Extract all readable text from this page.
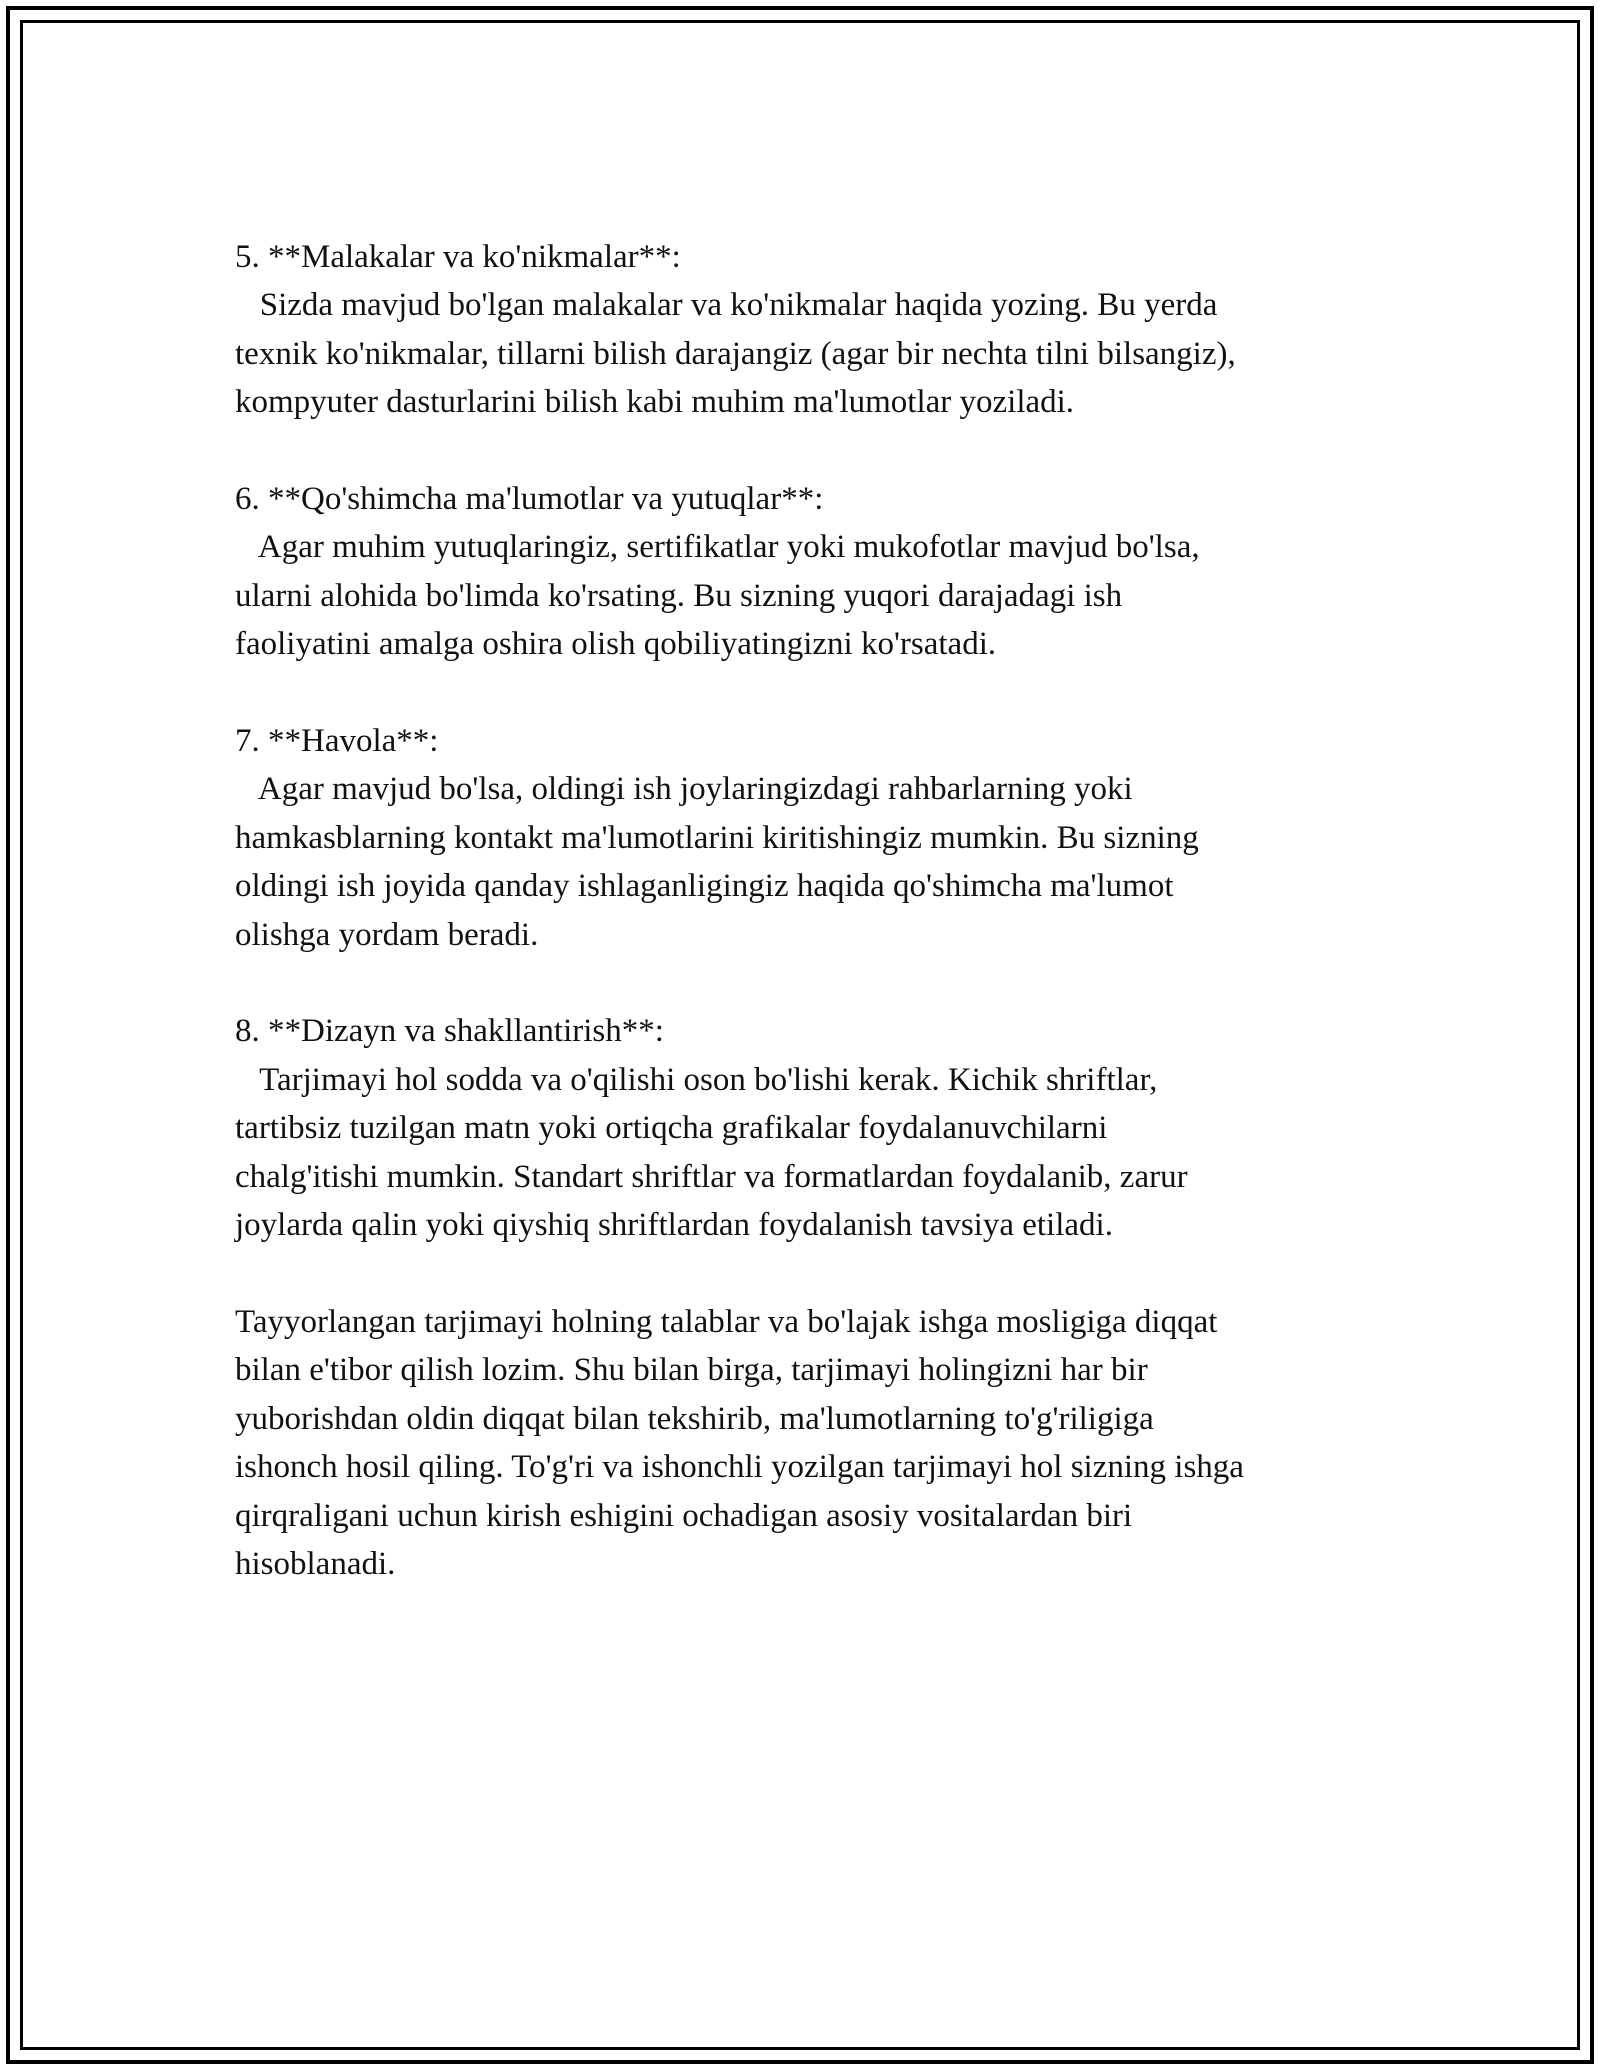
5. **Malakalar va ko'nikmalar**:
Sizda mavjud bo'lgan malakalar va ko'nikmalar haqida yozing. Bu yerda
texnik ko'nikmalar, tillarni bilish darajangiz (agar bir nechta tilni bilsangiz),
kompyuter dasturlarini bilish kabi muhim ma'lumotlar yoziladi.
6. **Qo'shimcha ma'lumotlar va yutuqlar**:
Agar muhim yutuqlaringiz, sertifikatlar yoki mukofotlar mavjud bo'lsa,
ularni alohida bo'limda ko'rsating. Bu sizning yuqori darajadagi ish
faoliyatini amalga oshira olish qobiliyatingizni ko'rsatadi.
7. **Havola**:
Agar mavjud bo'lsa, oldingi ish joylaringizdagi rahbarlarning yoki
hamkasblarning kontakt ma'lumotlarini kiritishingiz mumkin. Bu sizning
oldingi ish joyida qanday ishlaganligingiz haqida qo'shimcha ma'lumot
olishga yordam beradi.
8. **Dizayn va shakllantirish**:
Tarjimayi hol sodda va o'qilishi oson bo'lishi kerak. Kichik shriftlar,
tartibsiz tuzilgan matn yoki ortiqcha grafikalar foydalanuvchilarni
chalg'itishi mumkin. Standart shriftlar va formatlardan foydalanib, zarur
joylarda qalin yoki qiyshiq shriftlardan foydalanish tavsiya etiladi.
Tayyorlangan tarjimayi holning talablar va bo'lajak ishga mosligiga diqqat
bilan e'tibor qilish lozim. Shu bilan birga, tarjimayi holingizni har bir
yuborishdan oldin diqqat bilan tekshirib, ma'lumotlarning to'g'riligiga
ishonch hosil qiling. To'g'ri va ishonchli yozilgan tarjimayi hol sizning ishga
qirqraligani uchun kirish eshigini ochadigan asosiy vositalardan biri
hisoblanadi.
